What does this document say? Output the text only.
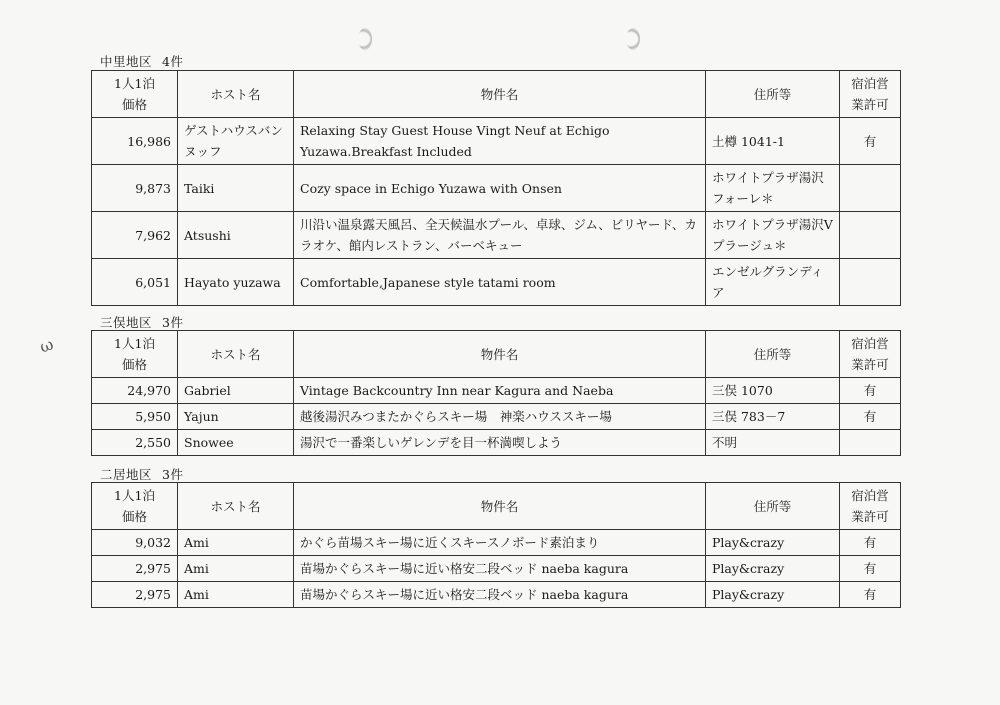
ω
中里地区 4件
1人1泊
価格	ホスト名	物件名	住所等	宿泊営
業許可
16,986	ゲストハウスバンヌッフ	Relaxing Stay Guest House Vingt Neuf at Echigo Yuzawa.Breakfast Included	土樽 1041-1	有
9,873	Taiki	Cozy space in Echigo Yuzawa with Onsen	ホワイトプラザ湯沢フォーレ＊	
7,962	Atsushi	川沿い温泉露天風呂、全天候温水プール、卓球、ジム、ビリヤード、カラオケ、館内レストラン、バーベキュー	ホワイトプラザ湯沢Vプラージュ＊	
6,051	Hayato yuzawa	Comfortable,Japanese style tatami room	エンゼルグランディア	
三俣地区 3件
1人1泊
価格	ホスト名	物件名	住所等	宿泊営
業許可
24,970	Gabriel	Vintage Backcountry Inn near Kagura and Naeba	三俣 1070	有
5,950	Yajun	越後湯沢みつまたかぐらスキー場　神楽ハウススキー場	三俣 783－7	有
2,550	Snowee	湯沢で一番楽しいゲレンデを目一杯満喫しよう	不明	
二居地区 3件
1人1泊
価格	ホスト名	物件名	住所等	宿泊営
業許可
9,032	Ami	かぐら苗場スキー場に近くスキースノボード素泊まり	Play&crazy	有
2,975	Ami	苗場かぐらスキー場に近い格安二段ベッド naeba kagura	Play&crazy	有
2,975	Ami	苗場かぐらスキー場に近い格安二段ベッド naeba kagura	Play&crazy	有
